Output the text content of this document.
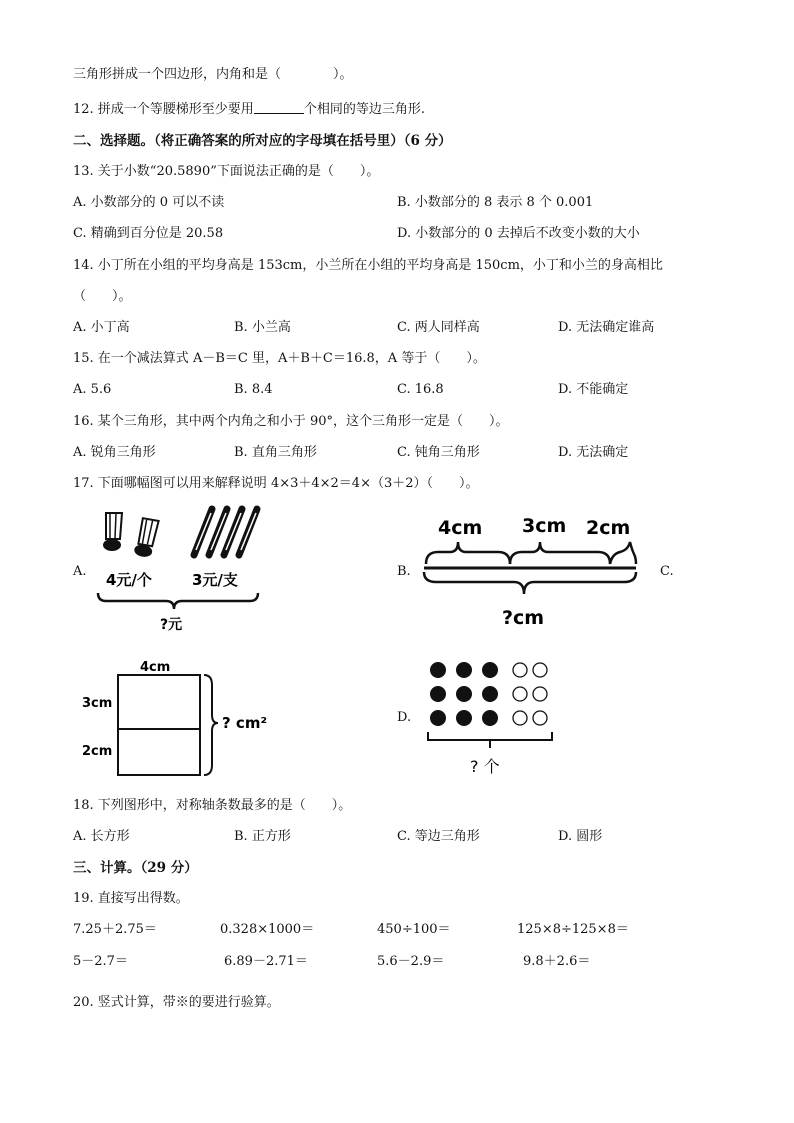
三角形拼成一个四边形，内角和是（　　　　）。
12. 拼成一个等腰梯形至少要用	个相同的等边三角形.
二、选择题。（将正确答案的所对应的字母填在括号里）（6 分）
13. 关于小数“20.5890”下面说法正确的是（　　）。
A. 小数部分的 0 可以不读	B. 小数部分的 8 表示 8 个 0.001
C. 精确到百分位是 20.58	D. 小数部分的 0 去掉后不改变小数的大小
14. 小丁所在小组的平均身高是 153cm，小兰所在小组的平均身高是 150cm，小丁和小兰的身高相比
（　　）。
A. 小丁高	B. 小兰高	C. 两人同样高	D. 无法确定谁高
15. 在一个减法算式 A－B＝C 里，A＋B＋C＝16.8，A 等于（　　）。
A. 5.6	B. 8.4	C. 16.8	D. 不能确定
16. 某个三角形，其中两个内角之和小于 90°，这个三角形一定是（　　）。
A. 锐角三角形	B. 直角三角形	C. 钝角三角形	D. 无法确定
17. 下面哪幅图可以用来解释说明 4×3＋4×2＝4×（3＋2）（　　）。
A.	B.	C.
D.
4元/个	3元/支
?元
4cm 3cm 2cm
?cm
4cm
3cm
2cm
? cm²
? 个
18. 下列图形中，对称轴条数最多的是（　　）。
A. 长方形	B. 正方形	C. 等边三角形	D. 圆形
三、计算。（29 分）
19. 直接写出得数。
7.25＋2.75＝	0.328×1000＝	450÷100＝	125×8÷125×8＝
5－2.7＝	6.89－2.71＝	5.6－2.9＝	9.8＋2.6＝
20. 竖式计算，带※的要进行验算。
